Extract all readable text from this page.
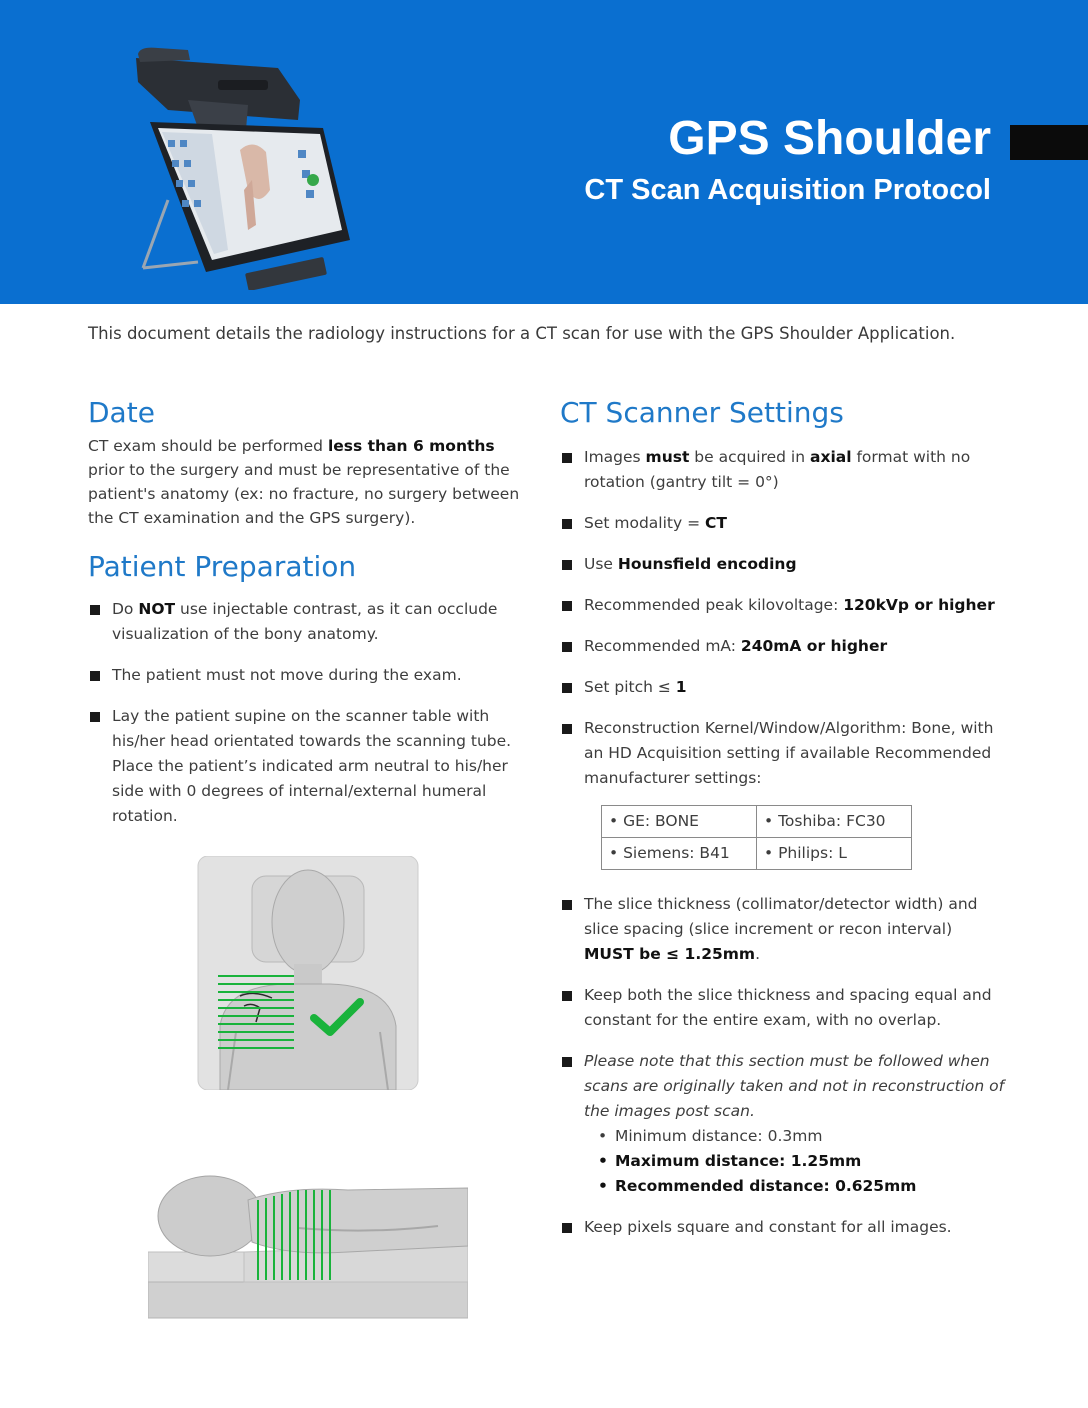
GPS Shoulder
CT Scan Acquisition Protocol
This document details the radiology instructions for a CT scan for use with the GPS Shoulder Application.
Date

CT exam should be performed less than 6 months prior to the surgery and must be representative of the patient's anatomy (ex: no fracture, no surgery between the CT examination and the GPS surgery).

Patient Preparation
Do NOT use injectable contrast, as it can occlude visualization of the bony anatomy.
The patient must not move during the exam.
Lay the patient supine on the scanner table with his/her head orientated towards the scanning tube. Place the patient’s indicated arm neutral to his/her side with 0 degrees of internal/external humeral rotation.
CT Scanner Settings
Images must be acquired in axial format with no rotation (gantry tilt = 0°)
Set modality = CT
Use Hounsfield encoding
Recommended peak kilovoltage: 120kVp or higher
Recommended mA: 240mA or higher
Set pitch ≤ 1
Reconstruction Kernel/Window/Algorithm: Bone, with an HD Acquisition setting if available Recommended manufacturer settings:
• GE: BONE	• Toshiba: FC30
• Siemens: B41	• Philips: L
The slice thickness (collimator/detector width) and slice spacing (slice increment or recon interval) MUST be ≤ 1.25mm.
Keep both the slice thickness and spacing equal and constant for the entire exam, with no overlap.
Please note that this section must be followed when scans are originally taken and not in reconstruction of the images post scan.
• Minimum distance: 0.3mm
• Maximum distance: 1.25mm
• Recommended distance: 0.625mm
Keep pixels square and constant for all images.
